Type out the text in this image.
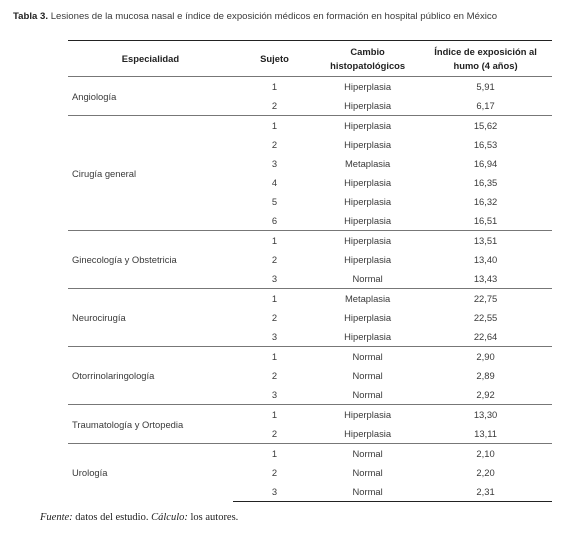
Tabla 3. Lesiones de la mucosa nasal e índice de exposición médicos en formación en hospital público en México
Especialidad	Sujeto	Cambio histopatológicos	Índice de exposición al humo (4 años)
Angiología	1	Hiperplasia	5,91
	2	Hiperplasia	6,17
Cirugía general	1	Hiperplasia	15,62
	2	Hiperplasia	16,53
	3	Metaplasia	16,94
	4	Hiperplasia	16,35
	5	Hiperplasia	16,32
	6	Hiperplasia	16,51
Ginecología y Obstetricia	1	Hiperplasia	13,51
	2	Hiperplasia	13,40
	3	Normal	13,43
Neurocirugía	1	Metaplasia	22,75
	2	Hiperplasia	22,55
	3	Hiperplasia	22,64
Otorrinolaringología	1	Normal	2,90
	2	Normal	2,89
	3	Normal	2,92
Traumatología y Ortopedia	1	Hiperplasia	13,30
	2	Hiperplasia	13,11
Urología	1	Normal	2,10
	2	Normal	2,20
	3	Normal	2,31
Fuente: datos del estudio. Cálculo: los autores.
